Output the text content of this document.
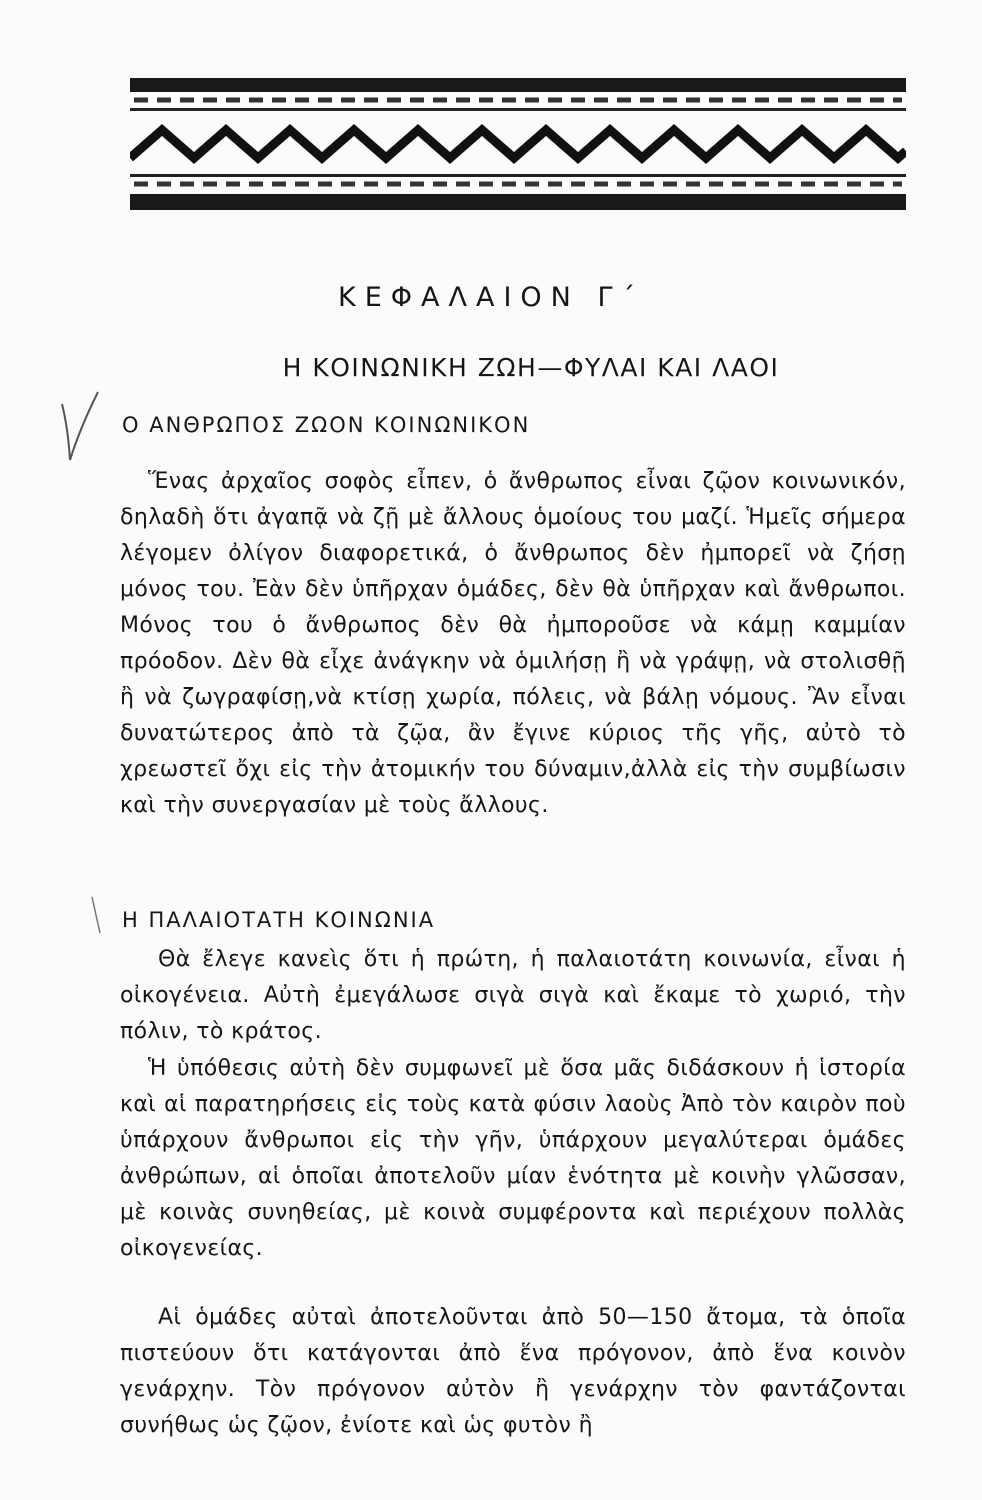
ΚΕΦΑΛΑΙΟΝ Γ΄
Η ΚΟΙΝΩΝΙΚΗ ΖΩΗ—ΦΥΛΑΙ ΚΑΙ ΛΑΟΙ
Ο ΑΝΘΡΩΠΟΣ ΖΩΟΝ ΚΟΙΝΩΝΙΚΟΝ

Ἕνας ἀρχαῖος σοφὸς εἶπεν, ὁ ἄνθρωπος εἶναι ζῷον κοινωνικόν, δηλαδὴ ὅτι ἀγαπᾷ νὰ ζῇ μὲ ἄλλους ὁμοίους του μαζί. Ἡμεῖς σήμερα λέγομεν ὀλίγον διαφορετικά, ὁ ἄνθρωπος δὲν ἠμπορεῖ νὰ ζήσῃ μόνος του. Ἐὰν δὲν ὑπῆρχαν ὁμάδες, δὲν θὰ ὑπῆρχαν καὶ ἄνθρωποι. Μόνος του ὁ ἄνθρωπος δὲν θὰ ἠμποροῦσε νὰ κάμῃ καμμίαν πρόοδον. Δὲν θὰ εἶχε ἀνάγκην νὰ ὁμιλήσῃ ἢ νὰ γράψῃ, νὰ στολισθῇ ἢ νὰ ζωγραφίσῃ,νὰ κτίσῃ χωρία, πόλεις, νὰ βάλῃ νόμους. Ἂν εἶναι δυνατώτερος ἀπὸ τὰ ζῷα, ἂν ἔγινε κύριος τῆς γῆς, αὐτὸ τὸ χρεωστεῖ ὄχι εἰς τὴν ἀτομικήν του δύναμιν,ἀλλὰ εἰς τὴν συμβίωσιν καὶ τὴν συνεργασίαν μὲ τοὺς ἄλλους.

Η ΠΑΛΑΙΟΤΑΤΗ ΚΟΙΝΩΝΙΑ

Θὰ ἔλεγε κανεὶς ὅτι ἡ πρώτη, ἡ παλαιοτάτη κοινωνία, εἶναι ἡ οἰκογένεια. Αὐτὴ ἐμεγάλωσε σιγὰ σιγὰ καὶ ἔκαμε τὸ χωριό, τὴν πόλιν, τὸ κράτος.

Ἡ ὑπόθεσις αὐτὴ δὲν συμφωνεῖ μὲ ὅσα μᾶς διδάσκουν ἡ ἱστορία καὶ αἱ παρατηρήσεις εἰς τοὺς κατὰ φύσιν λαοὺς Ἀπὸ τὸν καιρὸν ποὺ ὑπάρχουν ἄνθρωποι εἰς τὴν γῆν, ὑπάρχουν μεγαλύτεραι ὁμάδες ἀνθρώπων, αἱ ὁποῖαι ἀποτελοῦν μίαν ἑνότητα μὲ κοινὴν γλῶσσαν, μὲ κοινὰς συνηθείας, μὲ κοινὰ συμφέροντα καὶ περιέχουν πολλὰς οἰκογενείας.

Αἱ ὁμάδες αὐταὶ ἀποτελοῦνται ἀπὸ 50—150 ἄτομα, τὰ ὁποῖα πιστεύουν ὅτι κατάγονται ἀπὸ ἕνα πρόγονον, ἀπὸ ἕνα κοινὸν γενάρχην. Τὸν πρόγονον αὐτὸν ἢ γενάρχην τὸν φαντάζονται συνήθως ὡς ζῷον, ἐνίοτε καὶ ὡς φυτὸν ἢ
